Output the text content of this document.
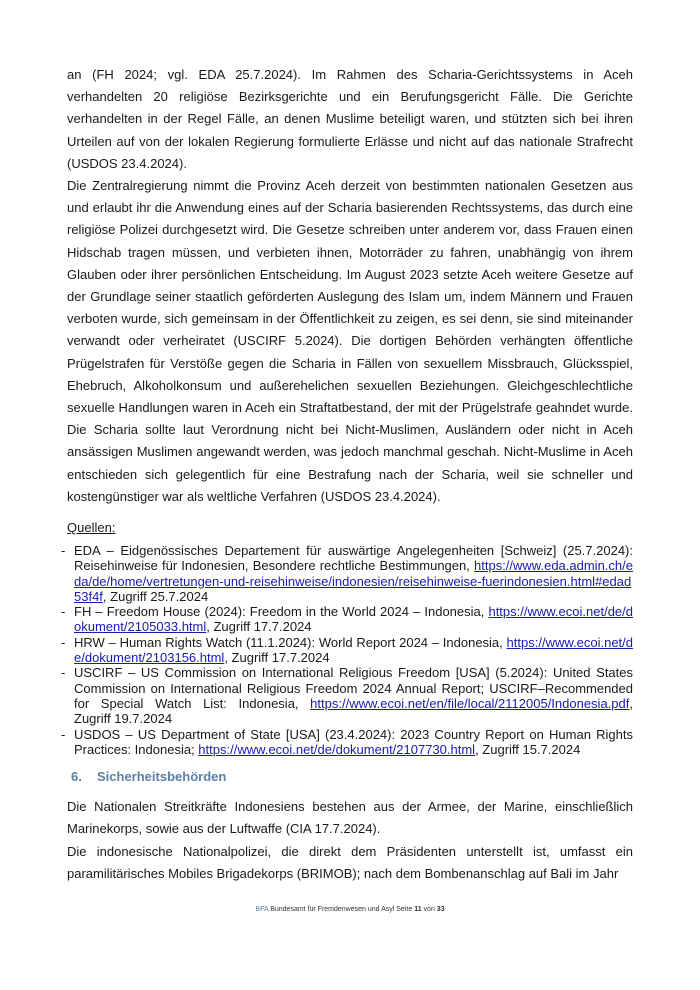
an (FH 2024; vgl. EDA 25.7.2024). Im Rahmen des Scharia-Gerichtssystems in Aceh verhandelten 20 religiöse Bezirksgerichte und ein Berufungsgericht Fälle. Die Gerichte verhandelten in der Regel Fälle, an denen Muslime beteiligt waren, und stützten sich bei ihren Urteilen auf von der lokalen Regierung formulierte Erlässe und nicht auf das nationale Strafrecht (USDOS 23.4.2024).

Die Zentralregierung nimmt die Provinz Aceh derzeit von bestimmten nationalen Gesetzen aus und erlaubt ihr die Anwendung eines auf der Scharia basierenden Rechtssystems, das durch eine religiöse Polizei durchgesetzt wird. Die Gesetze schreiben unter anderem vor, dass Frauen einen Hidschab tragen müssen, und verbieten ihnen, Motorräder zu fahren, unabhängig von ihrem Glauben oder ihrer persönlichen Entscheidung. Im August 2023 setzte Aceh weitere Gesetze auf der Grundlage seiner staatlich geförderten Auslegung des Islam um, indem Männern und Frauen verboten wurde, sich gemeinsam in der Öffentlichkeit zu zeigen, es sei denn, sie sind miteinander verwandt oder verheiratet (USCIRF 5.2024). Die dortigen Behörden verhängten öffentliche Prügelstrafen für Verstöße gegen die Scharia in Fällen von sexuellem Missbrauch, Glücksspiel, Ehebruch, Alkoholkonsum und außerehelichen sexuellen Beziehungen. Gleichgeschlechtliche sexuelle Handlungen waren in Aceh ein Straftatbestand, der mit der Prügelstrafe geahndet wurde. Die Scharia sollte laut Verordnung nicht bei Nicht-Muslimen, Ausländern oder nicht in Aceh ansässigen Muslimen angewandt werden, was jedoch manchmal geschah. Nicht-Muslime in Aceh entschieden sich gelegentlich für eine Bestrafung nach der Scharia, weil sie schneller und kostengünstiger war als weltliche Verfahren (USDOS 23.4.2024).

Quellen:
- EDA – Eidgenössisches Departement für auswärtige Angelegenheiten [Schweiz] (25.7.2024): Reisehinweise für Indonesien, Besondere rechtliche Bestimmungen, https://www.eda.admin.ch/eda/de/home/vertretungen-und-reisehinweise/indonesien/reisehinweise-fuerindonesien.html#edad53f4f, Zugriff 25.7.2024
- FH – Freedom House (2024): Freedom in the World 2024 – Indonesia, https://www.ecoi.net/de/dokument/2105033.html, Zugriff 17.7.2024
- HRW – Human Rights Watch (11.1.2024): World Report 2024 – Indonesia, https://www.ecoi.net/de/dokument/2103156.html, Zugriff 17.7.2024
- USCIRF – US Commission on International Religious Freedom [USA] (5.2024): United States Commission on International Religious Freedom 2024 Annual Report; USCIRF–Recommended for Special Watch List: Indonesia, https://www.ecoi.net/en/file/local/2112005/Indonesia.pdf, Zugriff 19.7.2024
- USDOS – US Department of State [USA] (23.4.2024): 2023 Country Report on Human Rights Practices: Indonesia; https://www.ecoi.net/de/dokument/2107730.html, Zugriff 15.7.2024
6. Sicherheitsbehörden

Die Nationalen Streitkräfte Indonesiens bestehen aus der Armee, der Marine, einschließlich Marinekorps, sowie aus der Luftwaffe (CIA 17.7.2024).

Die indonesische Nationalpolizei, die direkt dem Präsidenten unterstellt ist, umfasst ein paramilitärisches Mobiles Brigadekorps (BRIMOB); nach dem Bombenanschlag auf Bali im Jahr

BFA Bundesamt für Fremdenwesen und Asyl Seite 11 von 33
